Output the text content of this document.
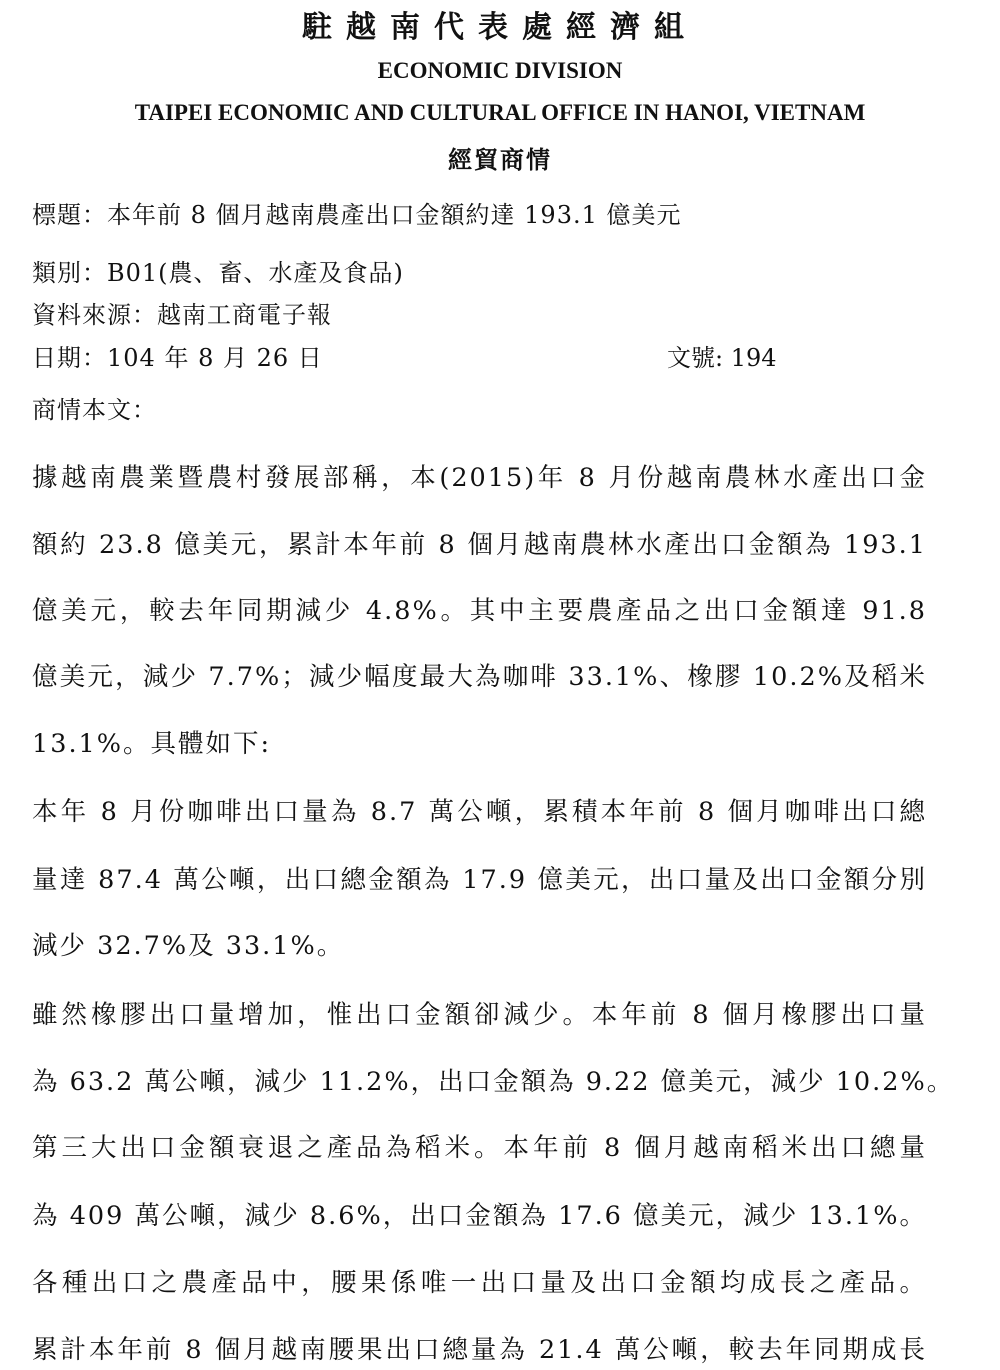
駐越南代表處經濟組
ECONOMIC DIVISION
TAIPEI ECONOMIC AND CULTURAL OFFICE IN HANOI, VIETNAM
經貿商情
標題：本年前 8 個月越南農產出口金額約達 193.1 億美元
類別：B01(農、畜、水產及食品)
資料來源：越南工商電子報
日期：104 年 8 月 26 日	文號: 194
商情本文：
據越南農業暨農村發展部稱，本(2015)年 8 月份越南農林水產出口金
額約 23.8 億美元，累計本年前 8 個月越南農林水產出口金額為 193.1
億美元，較去年同期減少 4.8%。其中主要農產品之出口金額達 91.8
億美元，減少 7.7%；減少幅度最大為咖啡 33.1%、橡膠 10.2%及稻米
13.1%。具體如下:
本年 8 月份咖啡出口量為 8.7 萬公噸，累積本年前 8 個月咖啡出口總
量達 87.4 萬公噸，出口總金額為 17.9 億美元，出口量及出口金額分別
減少 32.7%及 33.1%。
雖然橡膠出口量增加，惟出口金額卻減少。本年前 8 個月橡膠出口量
為 63.2 萬公噸，減少 11.2%，出口金額為 9.22 億美元，減少 10.2%。
第三大出口金額衰退之產品為稻米。本年前 8 個月越南稻米出口總量
為 409 萬公噸，減少 8.6%，出口金額為 17.6 億美元，減少 13.1%。
各種出口之農產品中，腰果係唯一出口量及出口金額均成長之產品。
累計本年前 8 個月越南腰果出口總量為 21.4 萬公噸，較去年同期成長
